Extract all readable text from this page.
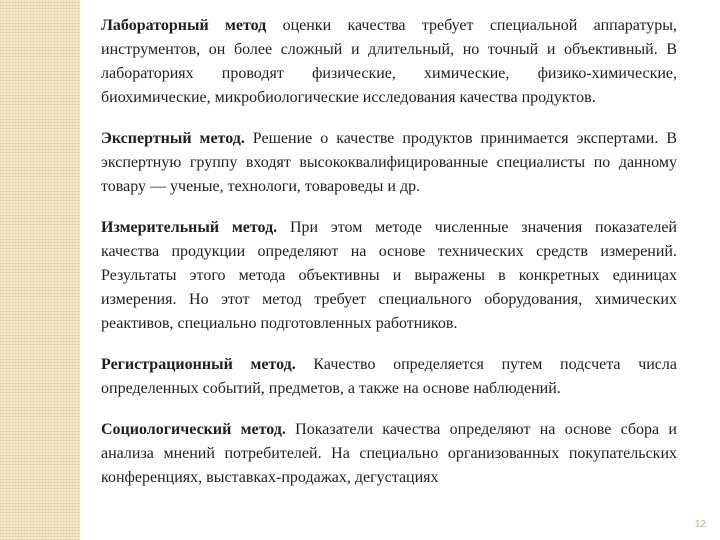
Лабораторный метод оценки качества требует специальной аппаратуры, инструментов, он более сложный и длительный, но точный и объективный. В лабораториях проводят физические, химические, физико-химические, биохимические, микробиологические исследования качества продуктов.

Экспертный метод. Решение о качестве продуктов принимается экспертами. В экспертную группу входят высококвалифицированные специалисты по данному товару — ученые, технологи, товароведы и др.

Измерительный метод. При этом методе численные значения показателей качества продукции определяют на основе технических средств измерений. Результаты этого метода объективны и выражены в конкретных единицах измерения. Но этот метод требует специального оборудования, химических реактивов, специально подготовленных работников.

Регистрационный метод. Качество определяется путем подсчета числа определенных событий, предметов, а также на основе наблюдений.

Социологический метод. Показатели качества определяют на основе сбора и анализа мнений потребителей. На специально организованных покупательских конференциях, выставках-продажах, дегустациях

12
